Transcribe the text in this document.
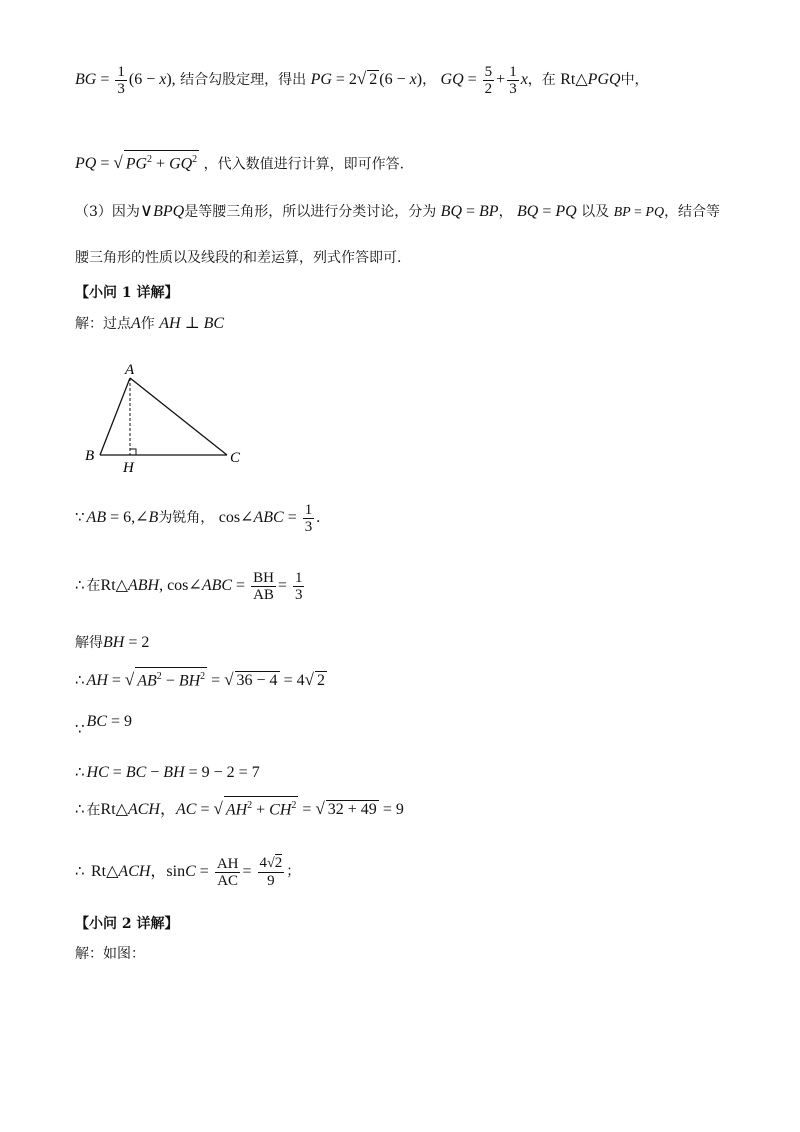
BG = $\frac{1}{3} (6 - x)$, 结合勾股定理，得出 PG = 2√ 2 (6 − x)， GQ = $\frac{5}{2} + \frac{1}{3}$ x，在 Rt△PGQ中，
PQ = √ $PG^2 + GQ^2$ ，代入数值进行计算，即可作答.
（3）因为∨BPQ是等腰三角形，所以进行分类讨论，分为 BQ = BP， BQ = PQ 以及 BP = PQ，结合等
腰三角形的性质以及线段的和差运算，列式作答即可.
【小问 1 详解】
解：过点A作 AH ⊥ BC
A
B	C
H
∵ AB = 6,∠B为锐角， cos∠ABC = $\frac{1}{3}$ .
∴ 在Rt△ABH, cos∠ABC = $\frac{BH}{AB} = \frac{1}{3}$
解得BH = 2
∴ AH = √ $AB^2 - BH^2$ = √ 36 − 4 = 4√ 2
∵ BC = 9
∴ HC = BC − BH = 9 − 2 = 7
∴ 在Rt△ACH，AC = √ $AH^2 + CH^2$ = √ 32 + 49 = 9
∴ Rt△ACH，$\sin C = \frac{AH}{AC} = \frac{4√2}{9}$ ；
【小问 2 详解】
解：如图：
